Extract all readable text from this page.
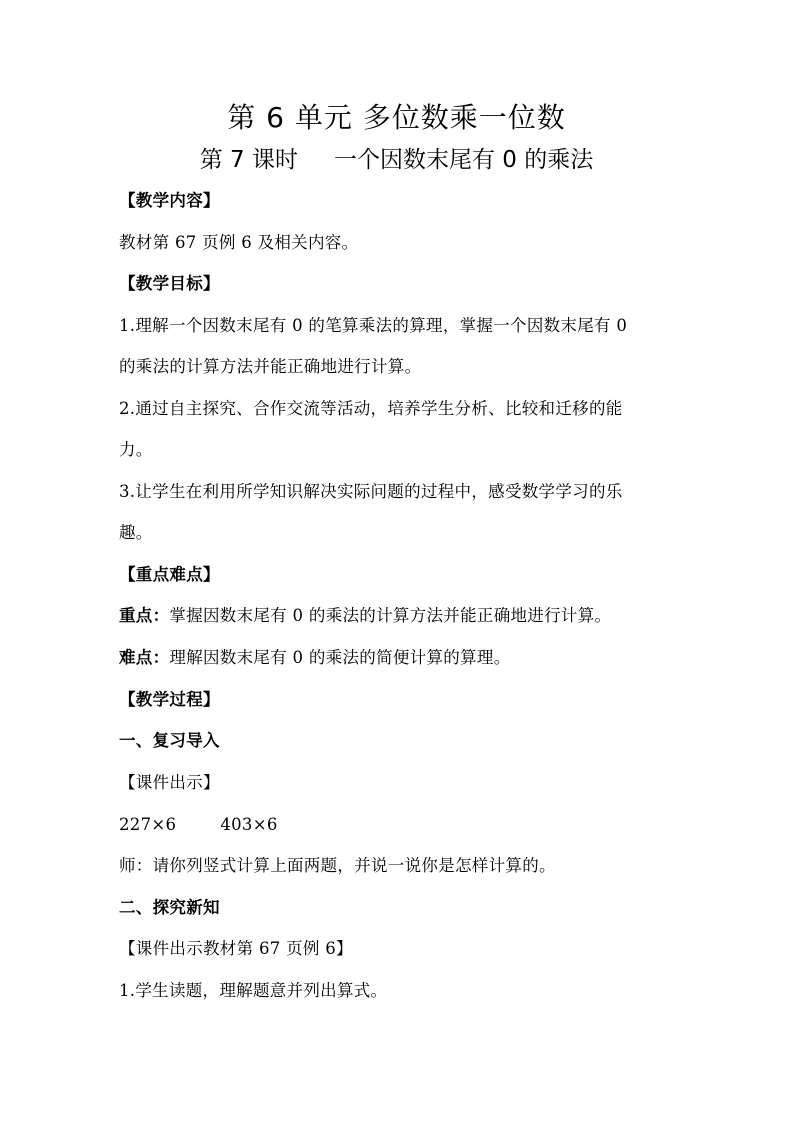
第 6 单元 多位数乘一位数
第 7 课时 一个因数末尾有 0 的乘法
【教学内容】
教材第 67 页例 6 及相关内容。
【教学目标】
1.理解一个因数末尾有 0 的笔算乘法的算理，掌握一个因数末尾有 0
的乘法的计算方法并能正确地进行计算。
2.通过自主探究、合作交流等活动，培养学生分析、比较和迁移的能
力。
3.让学生在利用所学知识解决实际问题的过程中，感受数学学习的乐
趣。
【重点难点】
重点：掌握因数末尾有 0 的乘法的计算方法并能正确地进行计算。
难点：理解因数末尾有 0 的乘法的简便计算的算理。
【教学过程】
一、复习导入
【课件出示】
227×6	403×6
师：请你列竖式计算上面两题，并说一说你是怎样计算的。
二、探究新知
【课件出示教材第 67 页例 6】
1.学生读题，理解题意并列出算式。
